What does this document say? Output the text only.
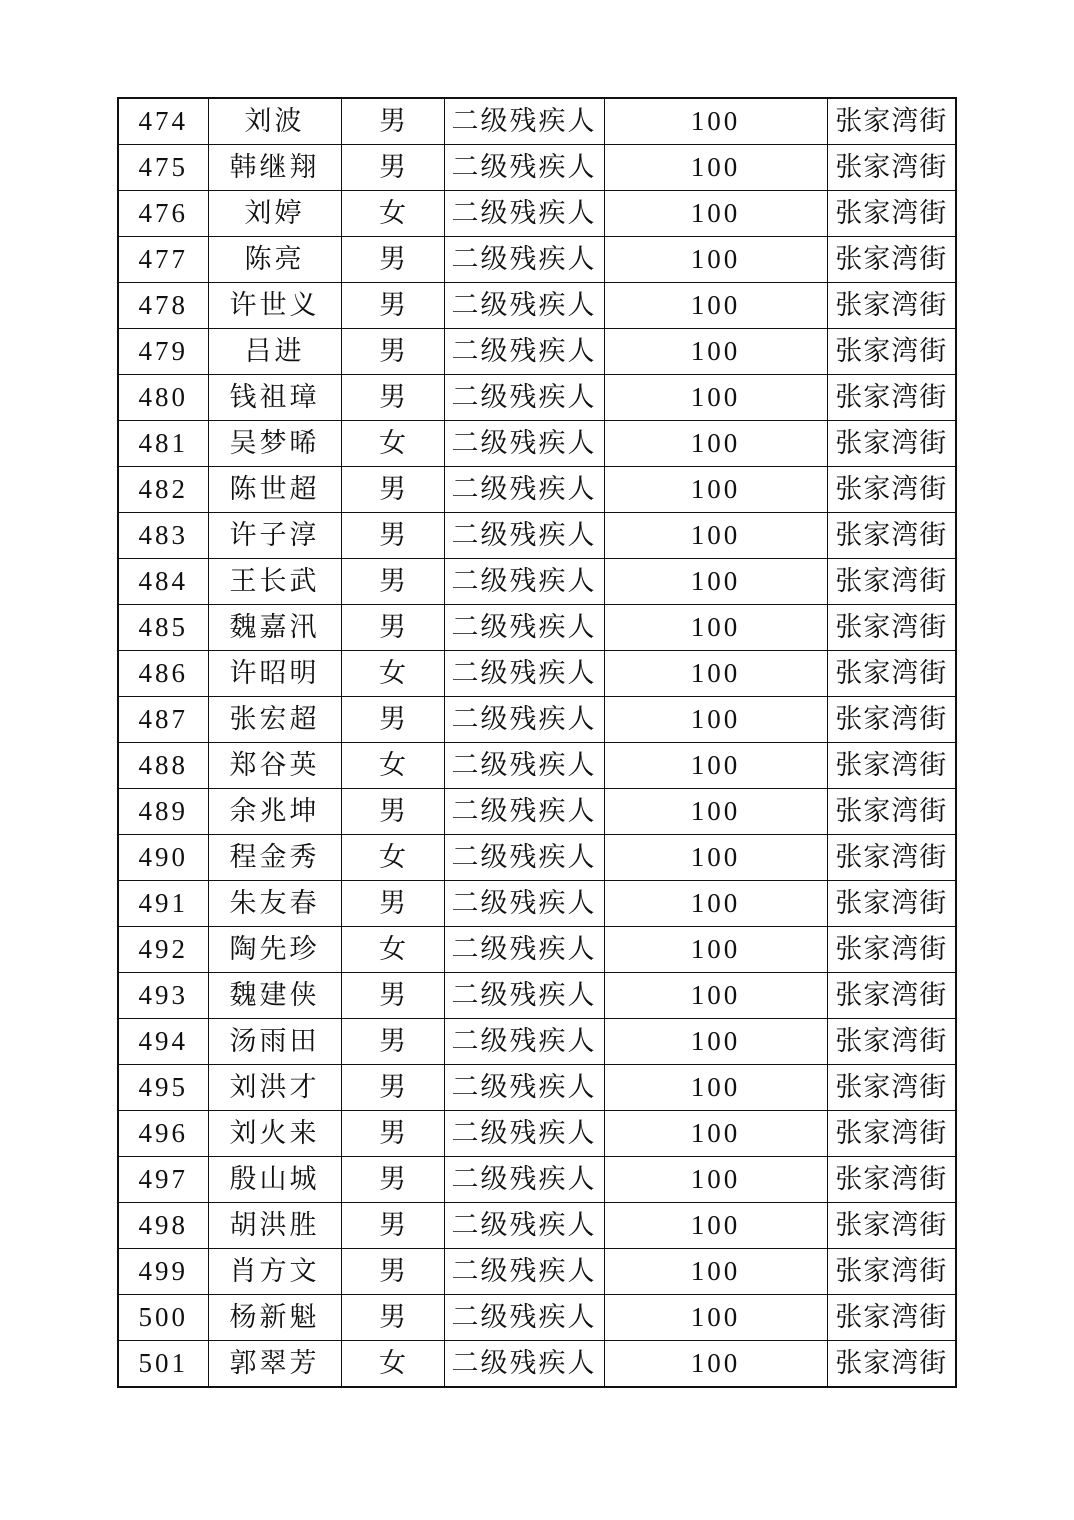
474	刘波	男	二级残疾人	100	张家湾街
475	韩继翔	男	二级残疾人	100	张家湾街
476	刘婷	女	二级残疾人	100	张家湾街
477	陈亮	男	二级残疾人	100	张家湾街
478	许世义	男	二级残疾人	100	张家湾街
479	吕进	男	二级残疾人	100	张家湾街
480	钱祖璋	男	二级残疾人	100	张家湾街
481	吴梦晞	女	二级残疾人	100	张家湾街
482	陈世超	男	二级残疾人	100	张家湾街
483	许子淳	男	二级残疾人	100	张家湾街
484	王长武	男	二级残疾人	100	张家湾街
485	魏嘉汛	男	二级残疾人	100	张家湾街
486	许昭明	女	二级残疾人	100	张家湾街
487	张宏超	男	二级残疾人	100	张家湾街
488	郑谷英	女	二级残疾人	100	张家湾街
489	余兆坤	男	二级残疾人	100	张家湾街
490	程金秀	女	二级残疾人	100	张家湾街
491	朱友春	男	二级残疾人	100	张家湾街
492	陶先珍	女	二级残疾人	100	张家湾街
493	魏建侠	男	二级残疾人	100	张家湾街
494	汤雨田	男	二级残疾人	100	张家湾街
495	刘洪才	男	二级残疾人	100	张家湾街
496	刘火来	男	二级残疾人	100	张家湾街
497	殷山城	男	二级残疾人	100	张家湾街
498	胡洪胜	男	二级残疾人	100	张家湾街
499	肖方文	男	二级残疾人	100	张家湾街
500	杨新魁	男	二级残疾人	100	张家湾街
501	郭翠芳	女	二级残疾人	100	张家湾街
